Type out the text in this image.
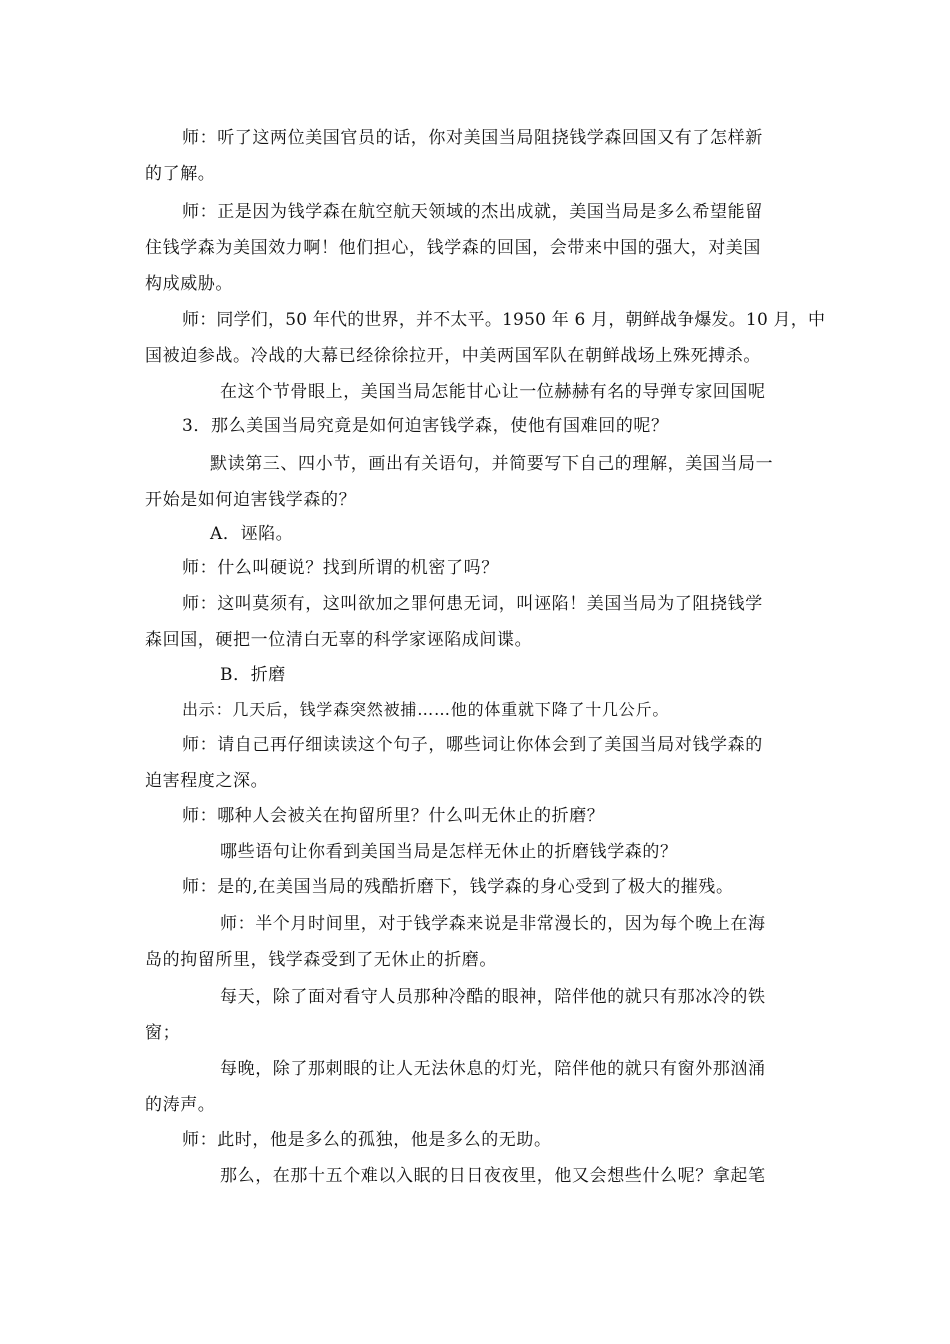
师：听了这两位美国官员的话，你对美国当局阻挠钱学森回国又有了怎样新

的了解。

师：正是因为钱学森在航空航天领域的杰出成就，美国当局是多么希望能留

住钱学森为美国效力啊！他们担心，钱学森的回国，会带来中国的强大，对美国

构成威胁。

师：同学们，50 年代的世界，并不太平。1950 年 6 月，朝鲜战争爆发。10 月，中

国被迫参战。冷战的大幕已经徐徐拉开，中美两国军队在朝鲜战场上殊死搏杀。

在这个节骨眼上，美国当局怎能甘心让一位赫赫有名的导弹专家回国呢

3．那么美国当局究竟是如何迫害钱学森，使他有国难回的呢？

默读第三、四小节，画出有关语句，并简要写下自己的理解，美国当局一

开始是如何迫害钱学森的？

A．诬陷。

师：什么叫硬说？找到所谓的机密了吗？

师：这叫莫须有，这叫欲加之罪何患无词，叫诬陷！美国当局为了阻挠钱学

森回国，硬把一位清白无辜的科学家诬陷成间谍。

B．折磨

出示：几天后，钱学森突然被捕……他的体重就下降了十几公斤。

师：请自己再仔细读读这个句子，哪些词让你体会到了美国当局对钱学森的

迫害程度之深。

师：哪种人会被关在拘留所里？什么叫无休止的折磨？

哪些语句让你看到美国当局是怎样无休止的折磨钱学森的？

师：是的,在美国当局的残酷折磨下，钱学森的身心受到了极大的摧残。

师：半个月时间里，对于钱学森来说是非常漫长的，因为每个晚上在海

岛的拘留所里，钱学森受到了无休止的折磨。

每天，除了面对看守人员那种冷酷的眼神，陪伴他的就只有那冰冷的铁

窗；

每晚，除了那刺眼的让人无法休息的灯光，陪伴他的就只有窗外那汹涌

的涛声。

师：此时，他是多么的孤独，他是多么的无助。

那么，在那十五个难以入眠的日日夜夜里，他又会想些什么呢？拿起笔
